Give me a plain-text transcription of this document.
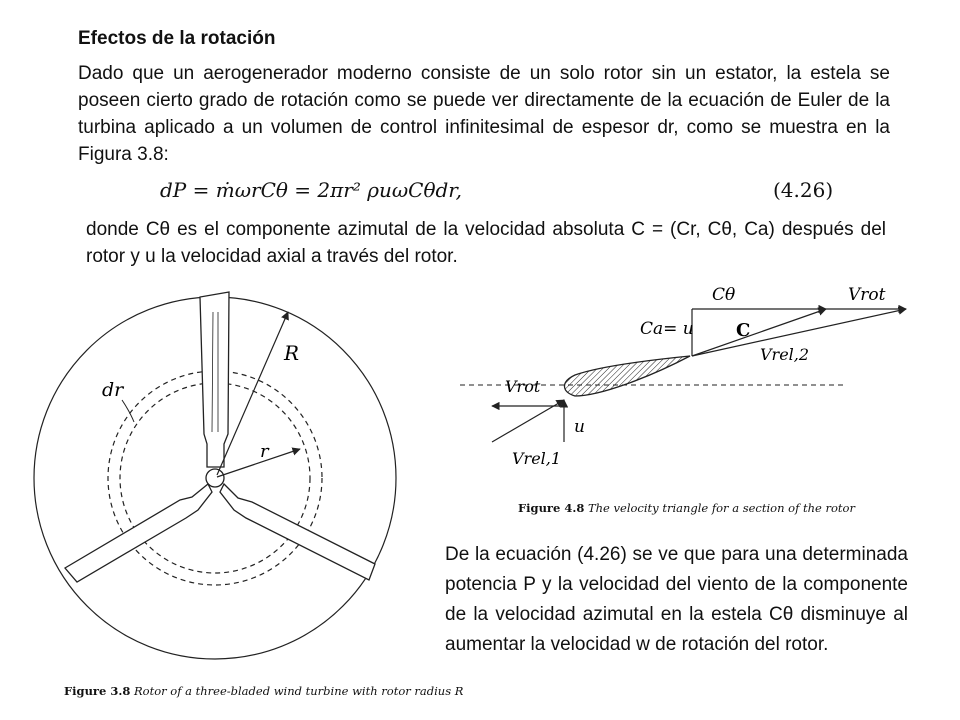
Efectos de la rotación
Dado que un aerogenerador moderno consiste de un solo rotor sin un estator, la estela se poseen cierto grado de rotación como se puede ver directamente de la ecuación de Euler de la turbina aplicado a un volumen de control infinitesimal de espesor dr, como se muestra en la Figura 3.8:
dP = ṁωrCθ = 2πr² ρuωCθdr,	(4.26)
donde Cθ es el componente azimutal de la velocidad absoluta C = (Cr, Cθ, Ca) después del rotor y u la velocidad axial a través del rotor.
De la ecuación (4.26) se ve que para una determinada potencia P y la velocidad del viento de la componente de la velocidad azimutal en la estela Cθ disminuye al aumentar la velocidad w de rotación del rotor.
R
r
dr
Cθ	Vrot
Ca= u C
Vrel,2
Vrot
u
Vrel,1
Figure 3.8 Rotor of a three-bladed wind turbine with rotor radius R
Figure 4.8 The velocity triangle for a section of the rotor
